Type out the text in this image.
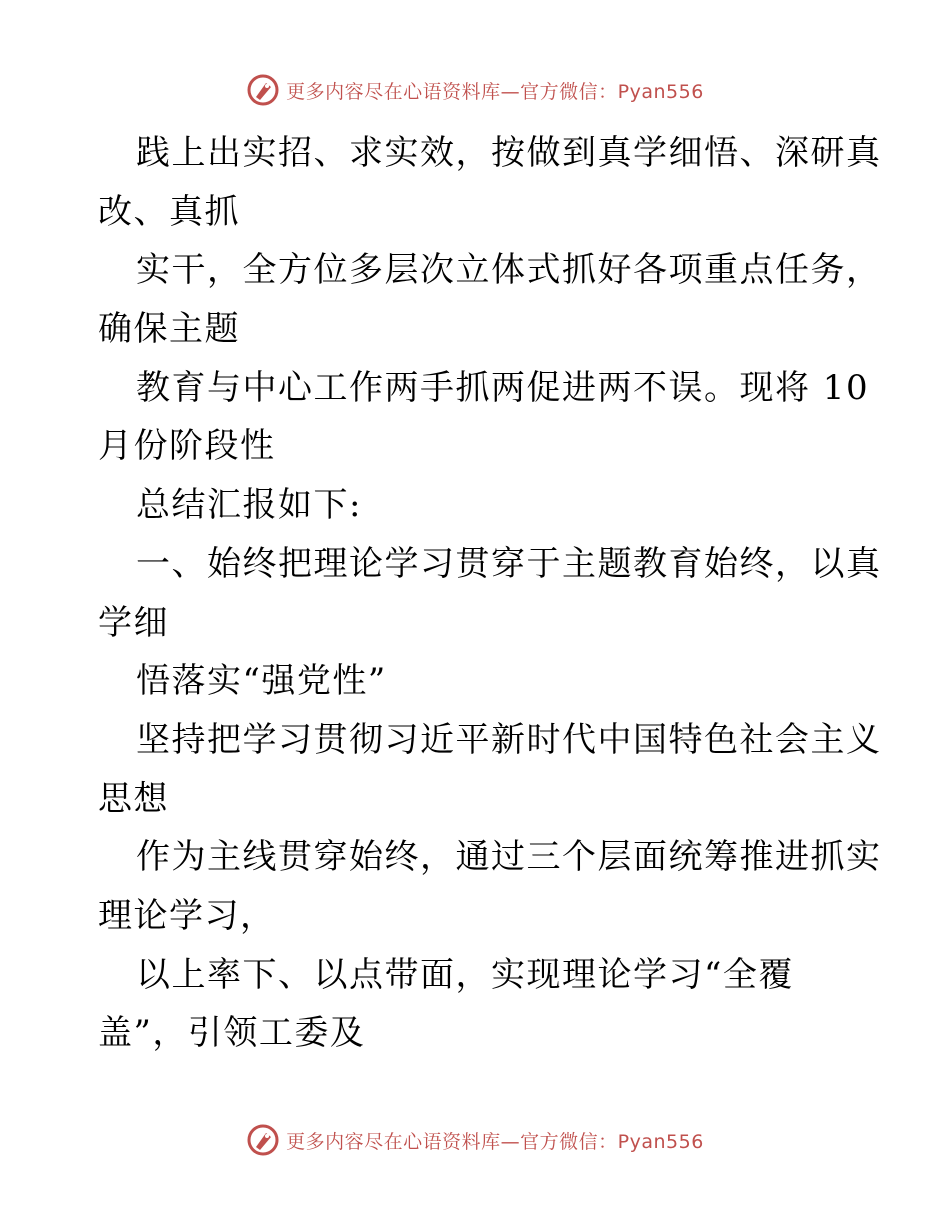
更多内容尽在心语资料库—官方微信：Pyan556
践上出实招、求实效，按做到真学细悟、深研真
改、真抓
实干，全方位多层次立体式抓好各项重点任务，
确保主题
教育与中心工作两手抓两促进两不误。现将 10
月份阶段性
总结汇报如下:
一、始终把理论学习贯穿于主题教育始终，以真
学细
悟落实“强党性”
坚持把学习贯彻习近平新时代中国特色社会主义
思想
作为主线贯穿始终，通过三个层面统筹推进抓实
理论学习，
以上率下、以点带面，实现理论学习“全覆
盖”，引领工委及
更多内容尽在心语资料库—官方微信：Pyan556
